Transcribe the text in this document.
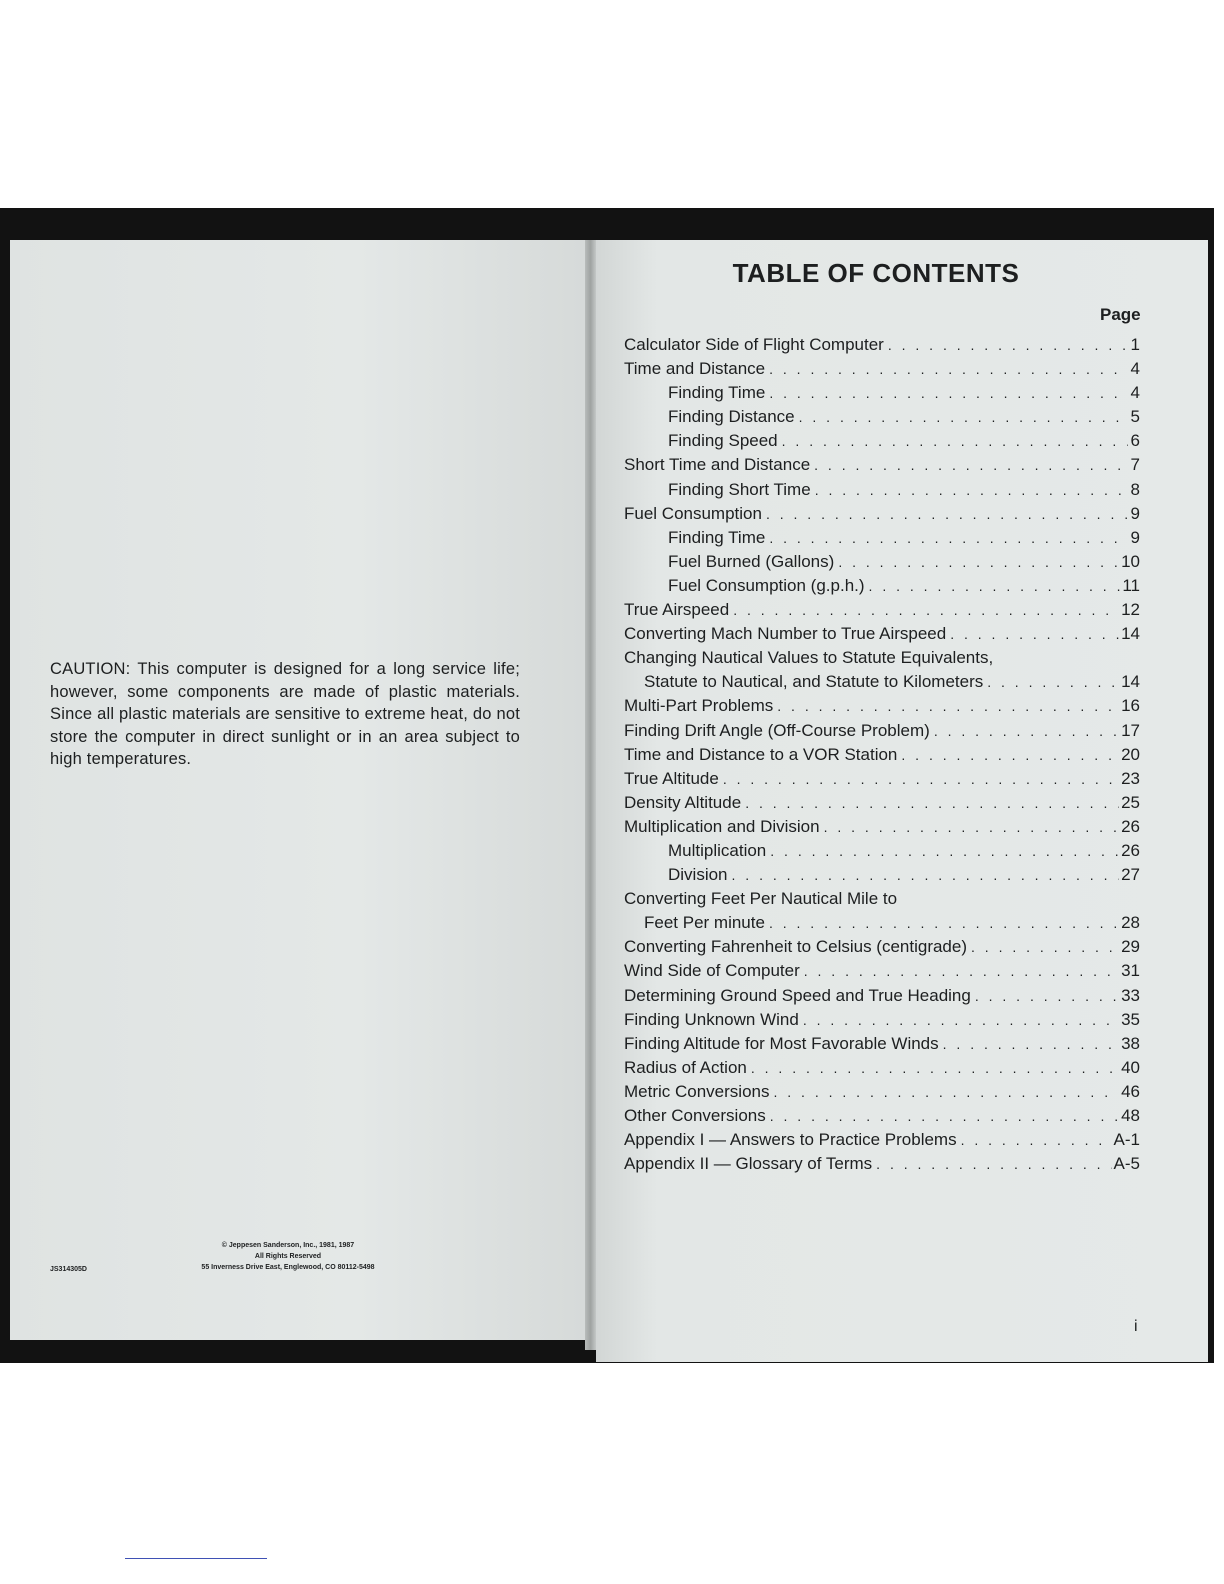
CAUTION: This computer is designed for a long service life; however, some components are made of plastic materials. Since all plastic materials are sensitive to extreme heat, do not store the computer in direct sunlight or in an area subject to high temperatures.
JS314305D
© Jeppesen Sanderson, Inc., 1981, 1987
All Rights Reserved
55 Inverness Drive East, Englewood, CO 80112-5498
TABLE OF CONTENTS
Page
Calculator Side of Flight Computer . . .	1
Time and Distance . . .	4
Finding Time . . .	4
Finding Distance . . .	5
Finding Speed . . .	6
Short Time and Distance . . .	7
Finding Short Time . . .	8
Fuel Consumption . . .	9
Finding Time . . .	9
Fuel Burned (Gallons) . . .	10
Fuel Consumption (g.p.h.) . . .	11
True Airspeed . . .	12
Converting Mach Number to True Airspeed . . .	14
Changing Nautical Values to Statute Equivalents,
Statute to Nautical, and Statute to Kilometers . . .	14
Multi-Part Problems . . .	16
Finding Drift Angle (Off-Course Problem) . . .	17
Time and Distance to a VOR Station . . .	20
True Altitude . . .	23
Density Altitude . . .	25
Multiplication and Division . . .	26
Multiplication . . .	26
Division . . .	27
Converting Feet Per Nautical Mile to
Feet Per minute . . .	28
Converting Fahrenheit to Celsius (centigrade) . . .	29
Wind Side of Computer . . .	31
Determining Ground Speed and True Heading . . .	33
Finding Unknown Wind . . .	35
Finding Altitude for Most Favorable Winds . . .	38
Radius of Action . . .	40
Metric Conversions . . .	46
Other Conversions . . .	48
Appendix I — Answers to Practice Problems . . .	A-1
Appendix II — Glossary of Terms . . .	A-5
i
